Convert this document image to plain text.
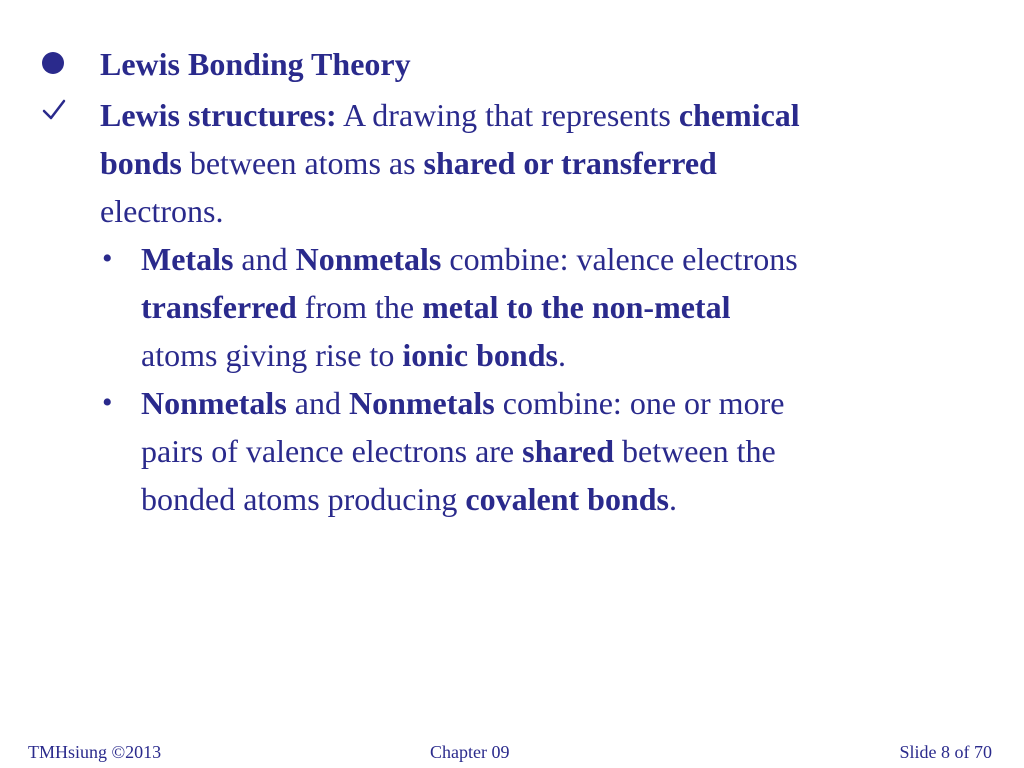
Lewis Bonding Theory
Lewis structures: A drawing that represents chemical
bonds between atoms as shared or transferred
electrons.
• Metals and Nonmetals combine: valence electrons
transferred from the metal to the non-metal
atoms giving rise to ionic bonds.
• Nonmetals and Nonmetals combine: one or more
pairs of valence electrons are shared between the
bonded atoms producing covalent bonds.
TMHsiung ©2013	Chapter 09	Slide 8 of 70
